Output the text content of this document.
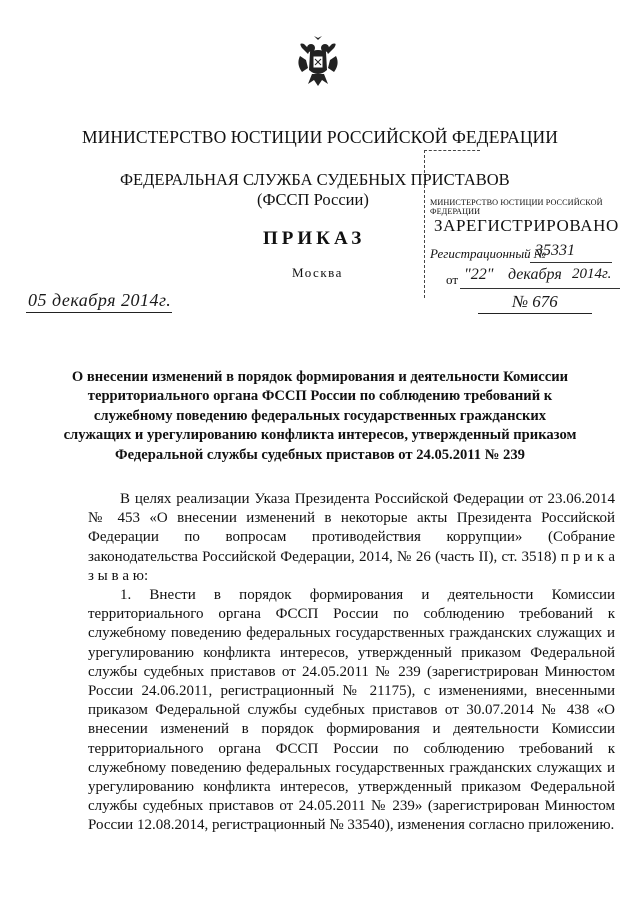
МИНИСТЕРСТВО ЮСТИЦИИ РОССИЙСКОЙ ФЕДЕРАЦИИ
ФЕДЕРАЛЬНАЯ СЛУЖБА СУДЕБНЫХ ПРИСТАВОВ
(ФССП России)
ПРИКАЗ
Москва
05 декабря 2014г.	№ 676
МИНИСТЕРСТВО ЮСТИЦИИ РОССИЙСКОЙ ФЕДЕРАЦИИ
ЗАРЕГИСТРИРОВАНО
Регистрационный №
35331
от "22" декабря 2014г.
О внесении изменений в порядок формирования и деятельности Комиссии территориального органа ФССП России по соблюдению требований к служебному поведению федеральных государственных гражданских служащих и урегулированию конфликта интересов, утвержденный приказом Федеральной службы судебных приставов от 24.05.2011 № 239

В целях реализации Указа Президента Российской Федерации от 23.06.2014 № 453 «О внесении изменений в некоторые акты Президента Российской Федерации по вопросам противодействия коррупции» (Собрание законодательства Российской Федерации, 2014, № 26 (часть II), ст. 3518) п р и к а з ы в а ю:

1. Внести в порядок формирования и деятельности Комиссии территориального органа ФССП России по соблюдению требований к служебному поведению федеральных государственных гражданских служащих и урегулированию конфликта интересов, утвержденный приказом Федеральной службы судебных приставов от 24.05.2011 № 239 (зарегистрирован Минюстом России 24.06.2011, регистрационный № 21175), с изменениями, внесенными приказом Федеральной службы судебных приставов от 30.07.2014 № 438 «О внесении изменений в порядок формирования и деятельности Комиссии территориального органа ФССП России по соблюдению требований к служебному поведению федеральных государственных гражданских служащих и урегулированию конфликта интересов, утвержденный приказом Федеральной службы судебных приставов от 24.05.2011 № 239» (зарегистрирован Минюстом России 12.08.2014, регистрационный № 33540), изменения согласно приложению.
